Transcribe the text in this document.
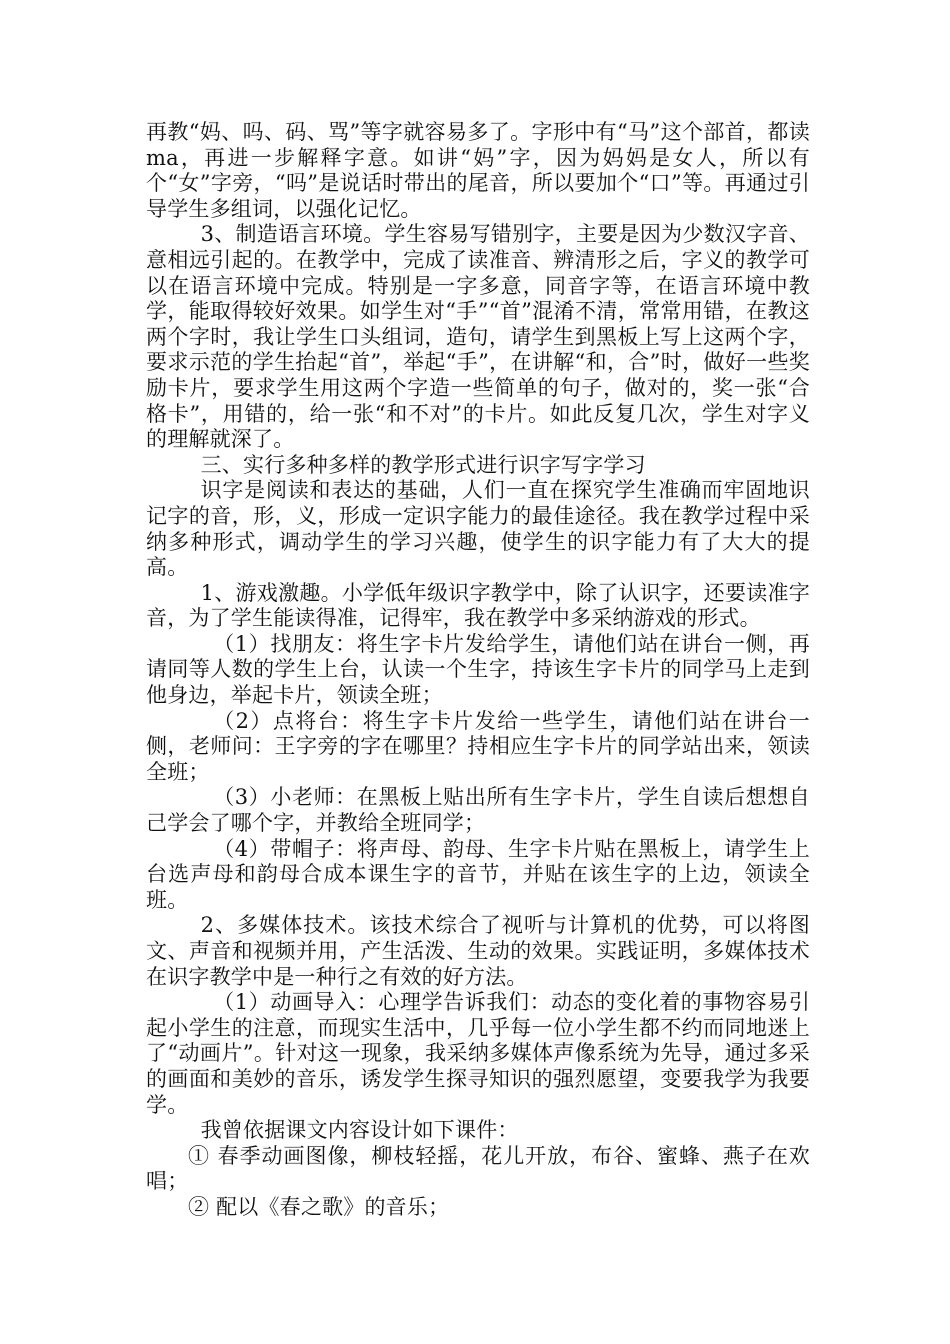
再教“妈、吗、码、骂”等字就容易多了。字形中有“马”这个部首，都读ma，再进一步解释字意。如讲“妈”字，因为妈妈是女人，所以有个“女”字旁，“吗”是说话时带出的尾音，所以要加个“口”等。再通过引导学生多组词，以强化记忆。

3、制造语言环境。学生容易写错别字，主要是因为少数汉字音、意相远引起的。在教学中，完成了读准音、辨清形之后，字义的教学可以在语言环境中完成。特别是一字多意，同音字等，在语言环境中教学，能取得较好效果。如学生对“手”“首”混淆不清，常常用错，在教这两个字时，我让学生口头组词，造句，请学生到黑板上写上这两个字，要求示范的学生抬起“首”，举起“手”，在讲解“和，合”时，做好一些奖励卡片，要求学生用这两个字造一些简单的句子，做对的，奖一张“合格卡”，用错的，给一张“和不对”的卡片。如此反复几次，学生对字义的理解就深了。

三、实行多种多样的教学形式进行识字写字学习

识字是阅读和表达的基础，人们一直在探究学生准确而牢固地识记字的音，形，义，形成一定识字能力的最佳途径。我在教学过程中采纳多种形式，调动学生的学习兴趣，使学生的识字能力有了大大的提高。

1、游戏激趣。小学低年级识字教学中，除了认识字，还要读准字音，为了学生能读得准，记得牢，我在教学中多采纳游戏的形式。

（1）找朋友：将生字卡片发给学生，请他们站在讲台一侧，再请同等人数的学生上台，认读一个生字，持该生字卡片的同学马上走到他身边，举起卡片，领读全班；

（2）点将台：将生字卡片发给一些学生，请他们站在讲台一侧，老师问：王字旁的字在哪里？持相应生字卡片的同学站出来，领读全班；

（3）小老师：在黑板上贴出所有生字卡片，学生自读后想想自己学会了哪个字，并教给全班同学；

（4）带帽子：将声母、韵母、生字卡片贴在黑板上，请学生上台选声母和韵母合成本课生字的音节，并贴在该生字的上边，领读全班。

2、多媒体技术。该技术综合了视听与计算机的优势，可以将图文、声音和视频并用，产生活泼、生动的效果。实践证明，多媒体技术在识字教学中是一种行之有效的好方法。

（1）动画导入：心理学告诉我们：动态的变化着的事物容易引起小学生的注意，而现实生活中，几乎每一位小学生都不约而同地迷上了“动画片”。针对这一现象，我采纳多媒体声像系统为先导，通过多采的画面和美妙的音乐，诱发学生探寻知识的强烈愿望，变要我学为我要学。

我曾依据课文内容设计如下课件：

① 春季动画图像，柳枝轻摇，花儿开放，布谷、蜜蜂、燕子在欢唱；

② 配以《春之歌》的音乐；
